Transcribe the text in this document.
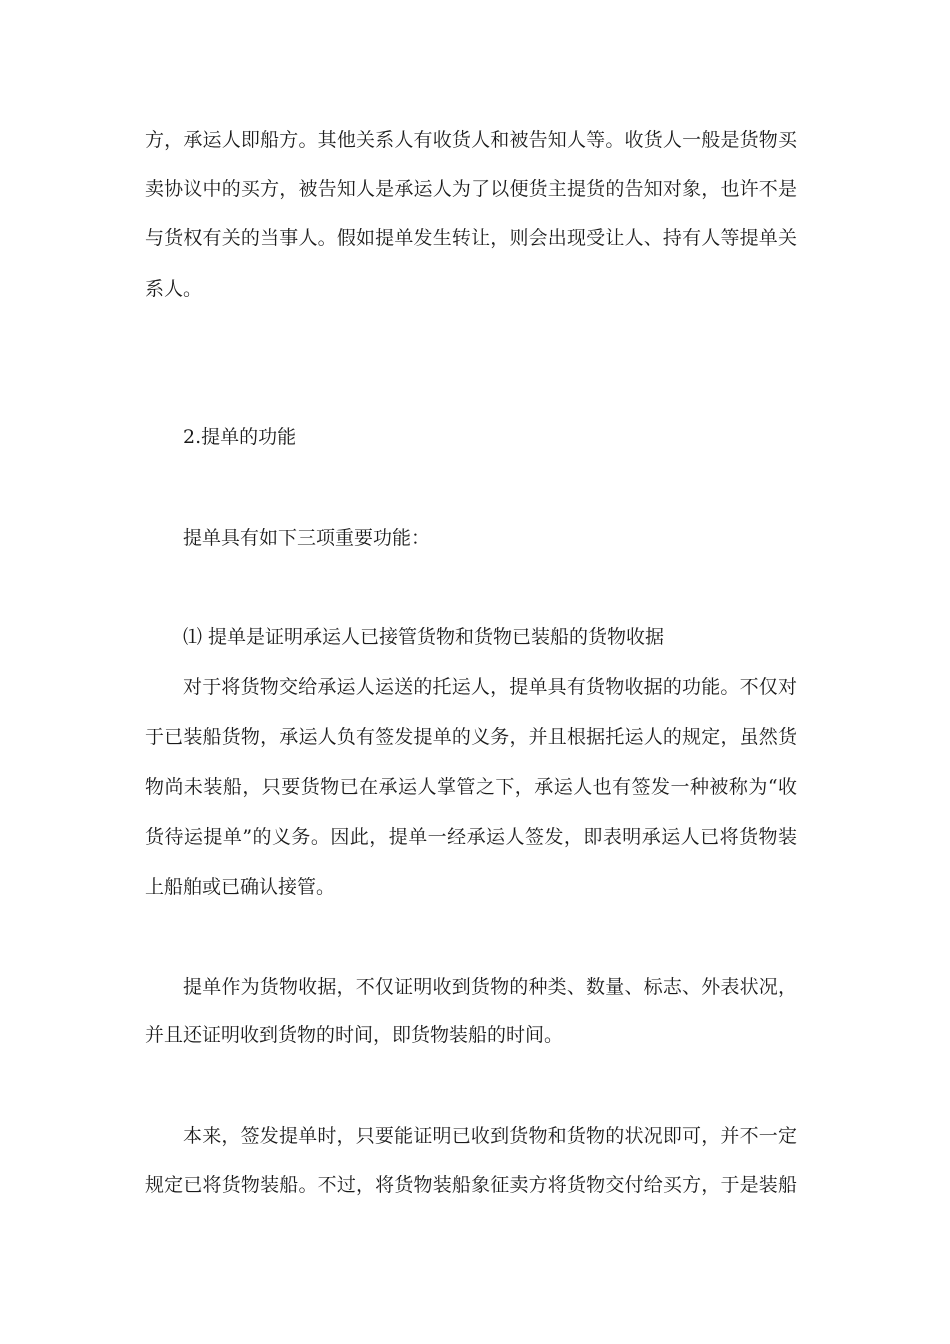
方，承运人即船方。其他关系人有收货人和被告知人等。收货人一般是货物买
卖协议中的买方，被告知人是承运人为了以便货主提货的告知对象，也许不是
与货权有关的当事人。假如提单发生转让，则会出现受让人、持有人等提单关
系人。
2.提单的功能
提单具有如下三项重要功能：
⑴ 提单是证明承运人已接管货物和货物已装船的货物收据
对于将货物交给承运人运送的托运人，提单具有货物收据的功能。不仅对
于已装船货物，承运人负有签发提单的义务，并且根据托运人的规定，虽然货
物尚未装船，只要货物已在承运人掌管之下，承运人也有签发一种被称为“收
货待运提单”的义务。因此，提单一经承运人签发，即表明承运人已将货物装
上船舶或已确认接管。
提单作为货物收据，不仅证明收到货物的种类、数量、标志、外表状况，
并且还证明收到货物的时间，即货物装船的时间。
本来，签发提单时，只要能证明已收到货物和货物的状况即可，并不一定
规定已将货物装船。不过，将货物装船象征卖方将货物交付给买方，于是装船
